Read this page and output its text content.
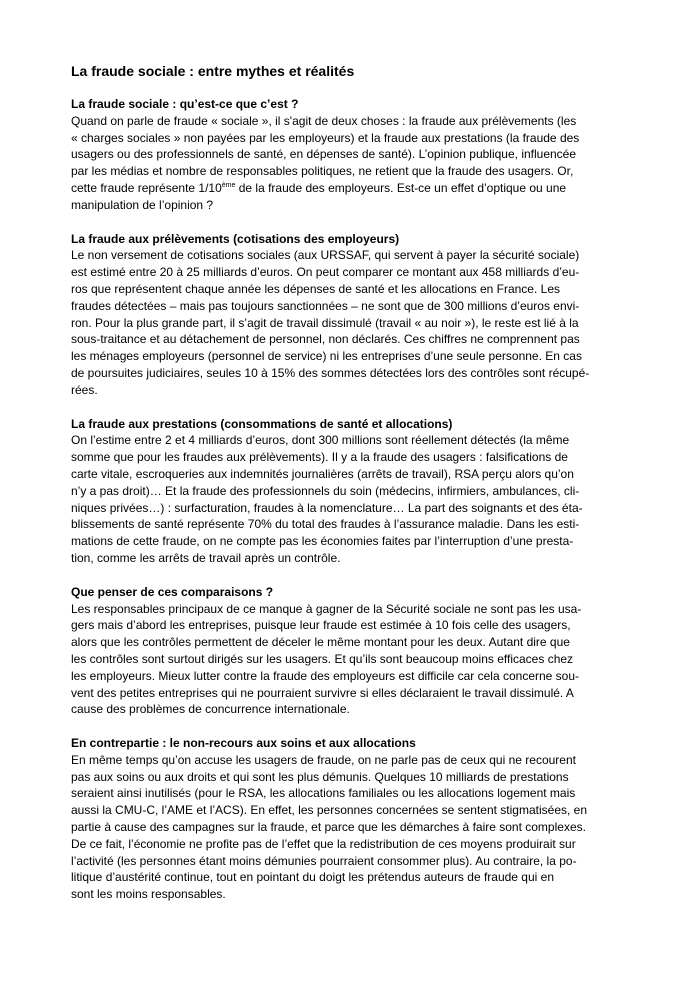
La fraude sociale : entre mythes et réalités
La fraude sociale : qu’est-ce que c’est ?

Quand on parle de fraude « sociale », il s'agit de deux choses : la fraude aux prélèvements (les
« charges sociales » non payées par les employeurs) et la fraude aux prestations (la fraude des
usagers ou des professionnels de santé, en dépenses de santé). L’opinion publique, influencée
par les médias et nombre de responsables politiques, ne retient que la fraude des usagers. Or,
cette fraude représente 1/10ème de la fraude des employeurs. Est-ce un effet d’optique ou une
manipulation de l’opinion ?

La fraude aux prélèvements (cotisations des employeurs)

Le non versement de cotisations sociales (aux URSSAF, qui servent à payer la sécurité sociale)
est estimé entre 20 à 25 milliards d’euros. On peut comparer ce montant aux 458 milliards d’eu-
ros que représentent chaque année les dépenses de santé et les allocations en France. Les
fraudes détectées – mais pas toujours sanctionnées – ne sont que de 300 millions d’euros envi-
ron. Pour la plus grande part, il s’agit de travail dissimulé (travail « au noir »), le reste est lié à la
sous-traitance et au détachement de personnel, non déclarés. Ces chiffres ne comprennent pas
les ménages employeurs (personnel de service) ni les entreprises d’une seule personne. En cas
de poursuites judiciaires, seules 10 à 15% des sommes détectées lors des contrôles sont récupé-
rées.

La fraude aux prestations (consommations de santé et allocations)

On l’estime entre 2 et 4 milliards d’euros, dont 300 millions sont réellement détectés (la même
somme que pour les fraudes aux prélèvements). Il y a la fraude des usagers : falsifications de
carte vitale, escroqueries aux indemnités journalières (arrêts de travail), RSA perçu alors qu’on
n’y a pas droit)… Et la fraude des professionnels du soin (médecins, infirmiers, ambulances, cli-
niques privées…) : surfacturation, fraudes à la nomenclature… La part des soignants et des éta-
blissements de santé représente 70% du total des fraudes à l’assurance maladie. Dans les esti-
mations de cette fraude, on ne compte pas les économies faites par l’interruption d’une presta-
tion, comme les arrêts de travail après un contrôle.

Que penser de ces comparaisons ?

Les responsables principaux de ce manque à gagner de la Sécurité sociale ne sont pas les usa-
gers mais d’abord les entreprises, puisque leur fraude est estimée à 10 fois celle des usagers,
alors que les contrôles permettent de déceler le même montant pour les deux. Autant dire que
les contrôles sont surtout dirigés sur les usagers. Et qu’ils sont beaucoup moins efficaces chez
les employeurs. Mieux lutter contre la fraude des employeurs est difficile car cela concerne sou-
vent des petites entreprises qui ne pourraient survivre si elles déclaraient le travail dissimulé. A
cause des problèmes de concurrence internationale.

En contrepartie : le non-recours aux soins et aux allocations

En même temps qu’on accuse les usagers de fraude, on ne parle pas de ceux qui ne recourent
pas aux soins ou aux droits et qui sont les plus démunis. Quelques 10 milliards de prestations
seraient ainsi inutilisés (pour le RSA, les allocations familiales ou les allocations logement mais
aussi la CMU-C, l’AME et l’ACS). En effet, les personnes concernées se sentent stigmatisées, en
partie à cause des campagnes sur la fraude, et parce que les démarches à faire sont complexes.
De ce fait, l’économie ne profite pas de l’effet que la redistribution de ces moyens produirait sur
l’activité (les personnes étant moins démunies pourraient consommer plus). Au contraire, la po-
litique d’austérité continue, tout en pointant du doigt les prétendus auteurs de fraude qui en
sont les moins responsables.
